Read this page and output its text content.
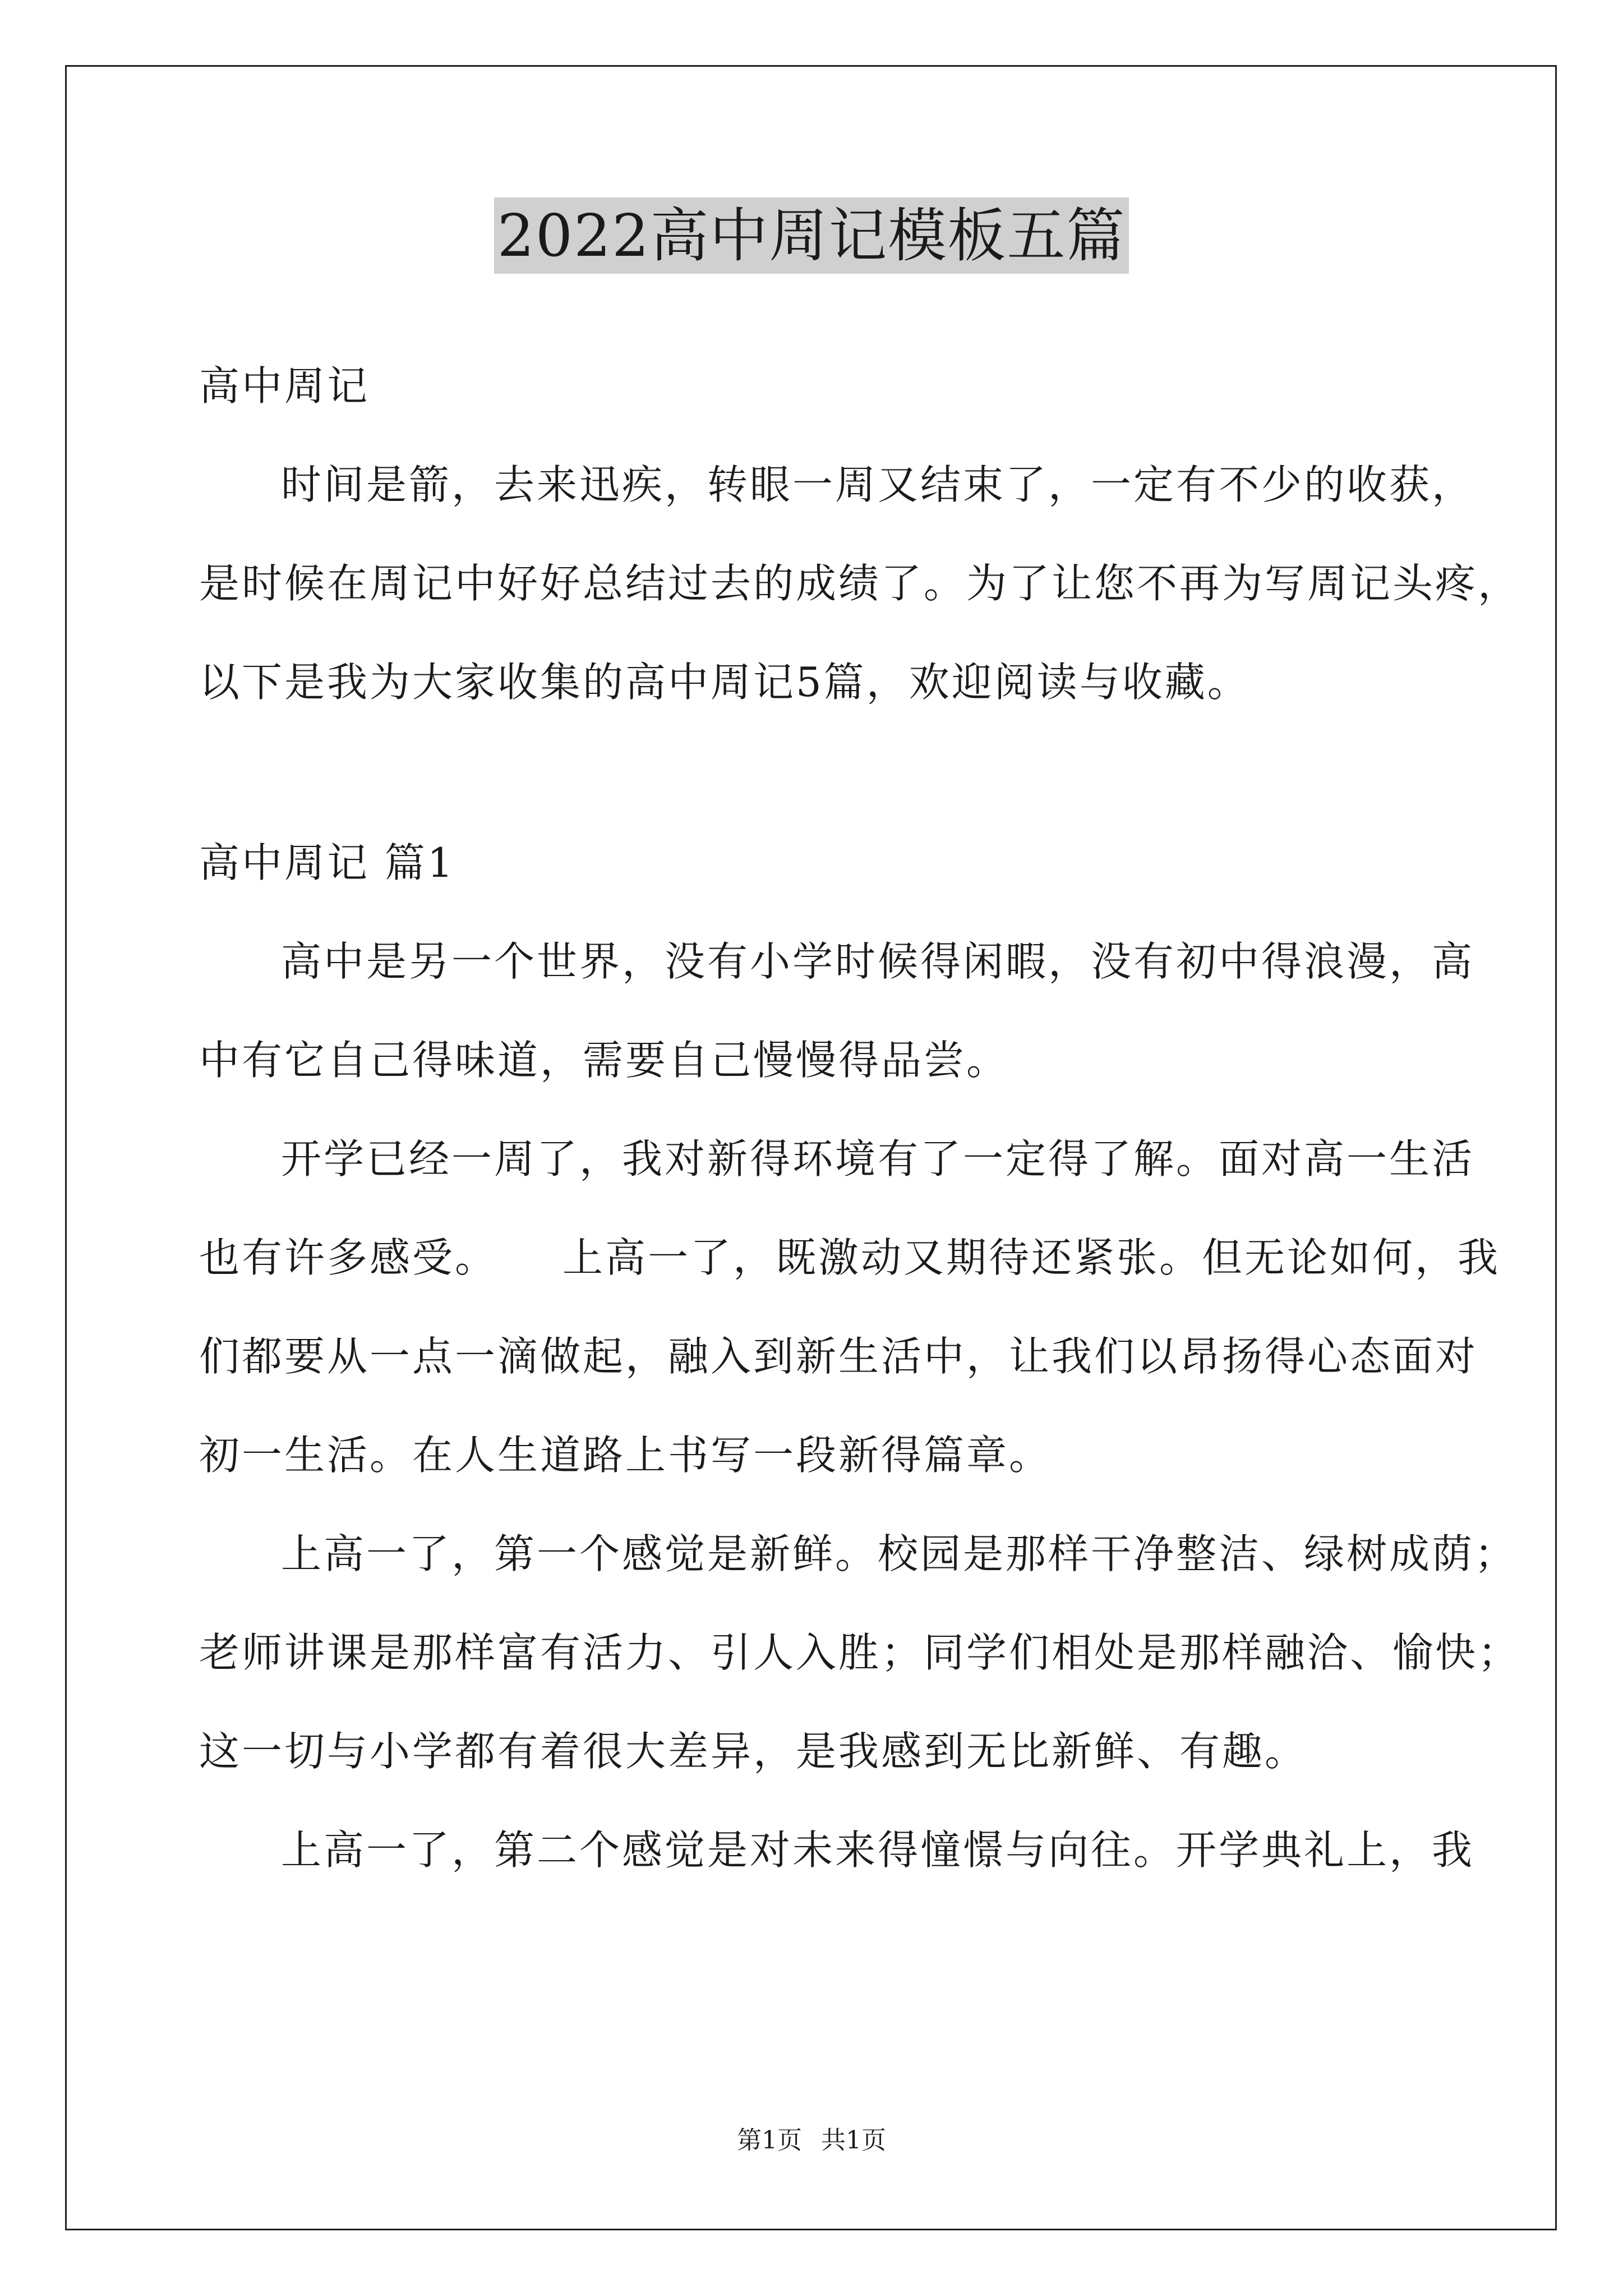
2022高中周记模板五篇
高中周记
时间是箭，去来迅疾，转眼一周又结束了，一定有不少的收获，
是时候在周记中好好总结过去的成绩了。为了让您不再为写周记头疼，
以下是我为大家收集的高中周记5篇，欢迎阅读与收藏。
高中周记 篇1
高中是另一个世界，没有小学时候得闲暇，没有初中得浪漫，高
中有它自己得味道，需要自己慢慢得品尝。
开学已经一周了，我对新得环境有了一定得了解。面对高一生活
也有许多感受。　　上高一了，既激动又期待还紧张。但无论如何，我
们都要从一点一滴做起，融入到新生活中，让我们以昂扬得心态面对
初一生活。在人生道路上书写一段新得篇章。
上高一了，第一个感觉是新鲜。校园是那样干净整洁、绿树成荫；
老师讲课是那样富有活力、引人入胜；同学们相处是那样融洽、愉快；
这一切与小学都有着很大差异，是我感到无比新鲜、有趣。
上高一了，第二个感觉是对未来得憧憬与向往。开学典礼上，我
第1页 共1页
